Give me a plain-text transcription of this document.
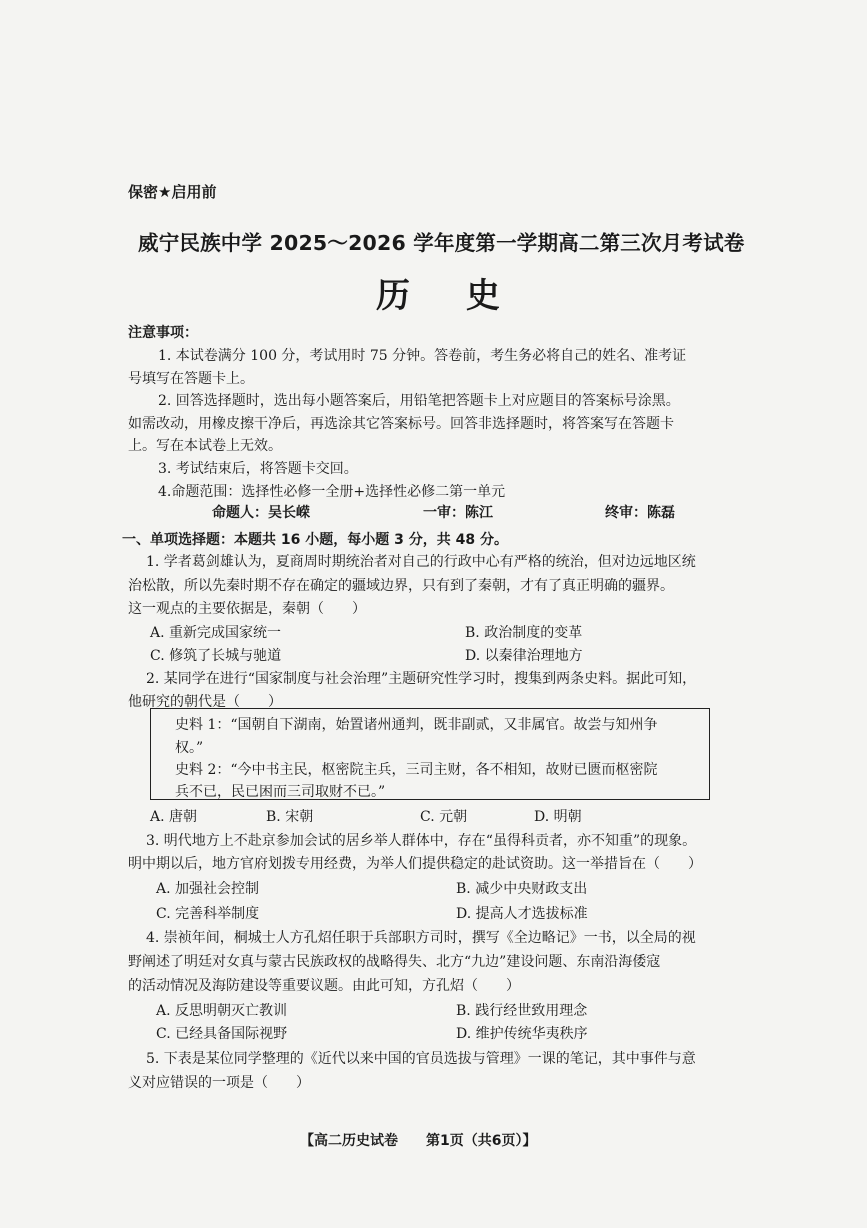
保密★启用前
威宁民族中学 2025～2026 学年度第一学期高二第三次月考试卷
历 史
注意事项：
1. 本试卷满分 100 分，考试用时 75 分钟。答卷前，考生务必将自己的姓名、准考证
号填写在答题卡上。
2. 回答选择题时，选出每小题答案后，用铅笔把答题卡上对应题目的答案标号涂黑。
如需改动，用橡皮擦干净后，再选涂其它答案标号。回答非选择题时，将答案写在答题卡
上。写在本试卷上无效。
3. 考试结束后，将答题卡交回。
4.命题范围：选择性必修一全册+选择性必修二第一单元
命题人：吴长嵘	一审：陈江	终审：陈磊
一、单项选择题：本题共 16 小题，每小题 3 分，共 48 分。
1. 学者葛剑雄认为，夏商周时期统治者对自己的行政中心有严格的统治，但对边远地区统
治松散，所以先秦时期不存在确定的疆域边界，只有到了秦朝，才有了真正明确的疆界。
这一观点的主要依据是，秦朝（　　）
A. 重新完成国家统一	B. 政治制度的变革
C. 修筑了长城与驰道	D. 以秦律治理地方
2. 某同学在进行“国家制度与社会治理”主题研究性学习时，搜集到两条史料。据此可知，
他研究的朝代是（　　）
史料 1：“国朝自下湖南，始置诸州通判，既非副贰，又非属官。故尝与知州争
权。”
史料 2：“今中书主民，枢密院主兵，三司主财，各不相知，故财已匮而枢密院
兵不已，民已困而三司取财不已。”
A. 唐朝	B. 宋朝	C. 元朝	D. 明朝
3. 明代地方上不赴京参加会试的居乡举人群体中，存在“虽得科贡者，亦不知重”的现象。
明中期以后，地方官府划拨专用经费，为举人们提供稳定的赴试资助。这一举措旨在（　　）
A. 加强社会控制	B. 减少中央财政支出
C. 完善科举制度	D. 提高人才选拔标准
4. 崇祯年间，桐城士人方孔炤任职于兵部职方司时，撰写《全边略记》一书，以全局的视
野阐述了明廷对女真与蒙古民族政权的战略得失、北方“九边”建设问题、东南沿海倭寇
的活动情况及海防建设等重要议题。由此可知，方孔炤（　　）
A. 反思明朝灭亡教训	B. 践行经世致用理念
C. 已经具备国际视野	D. 维护传统华夷秩序
5. 下表是某位同学整理的《近代以来中国的官员选拔与管理》一课的笔记，其中事件与意
义对应错误的一项是（　　）
【高二历史试卷 第1页（共6页）】
